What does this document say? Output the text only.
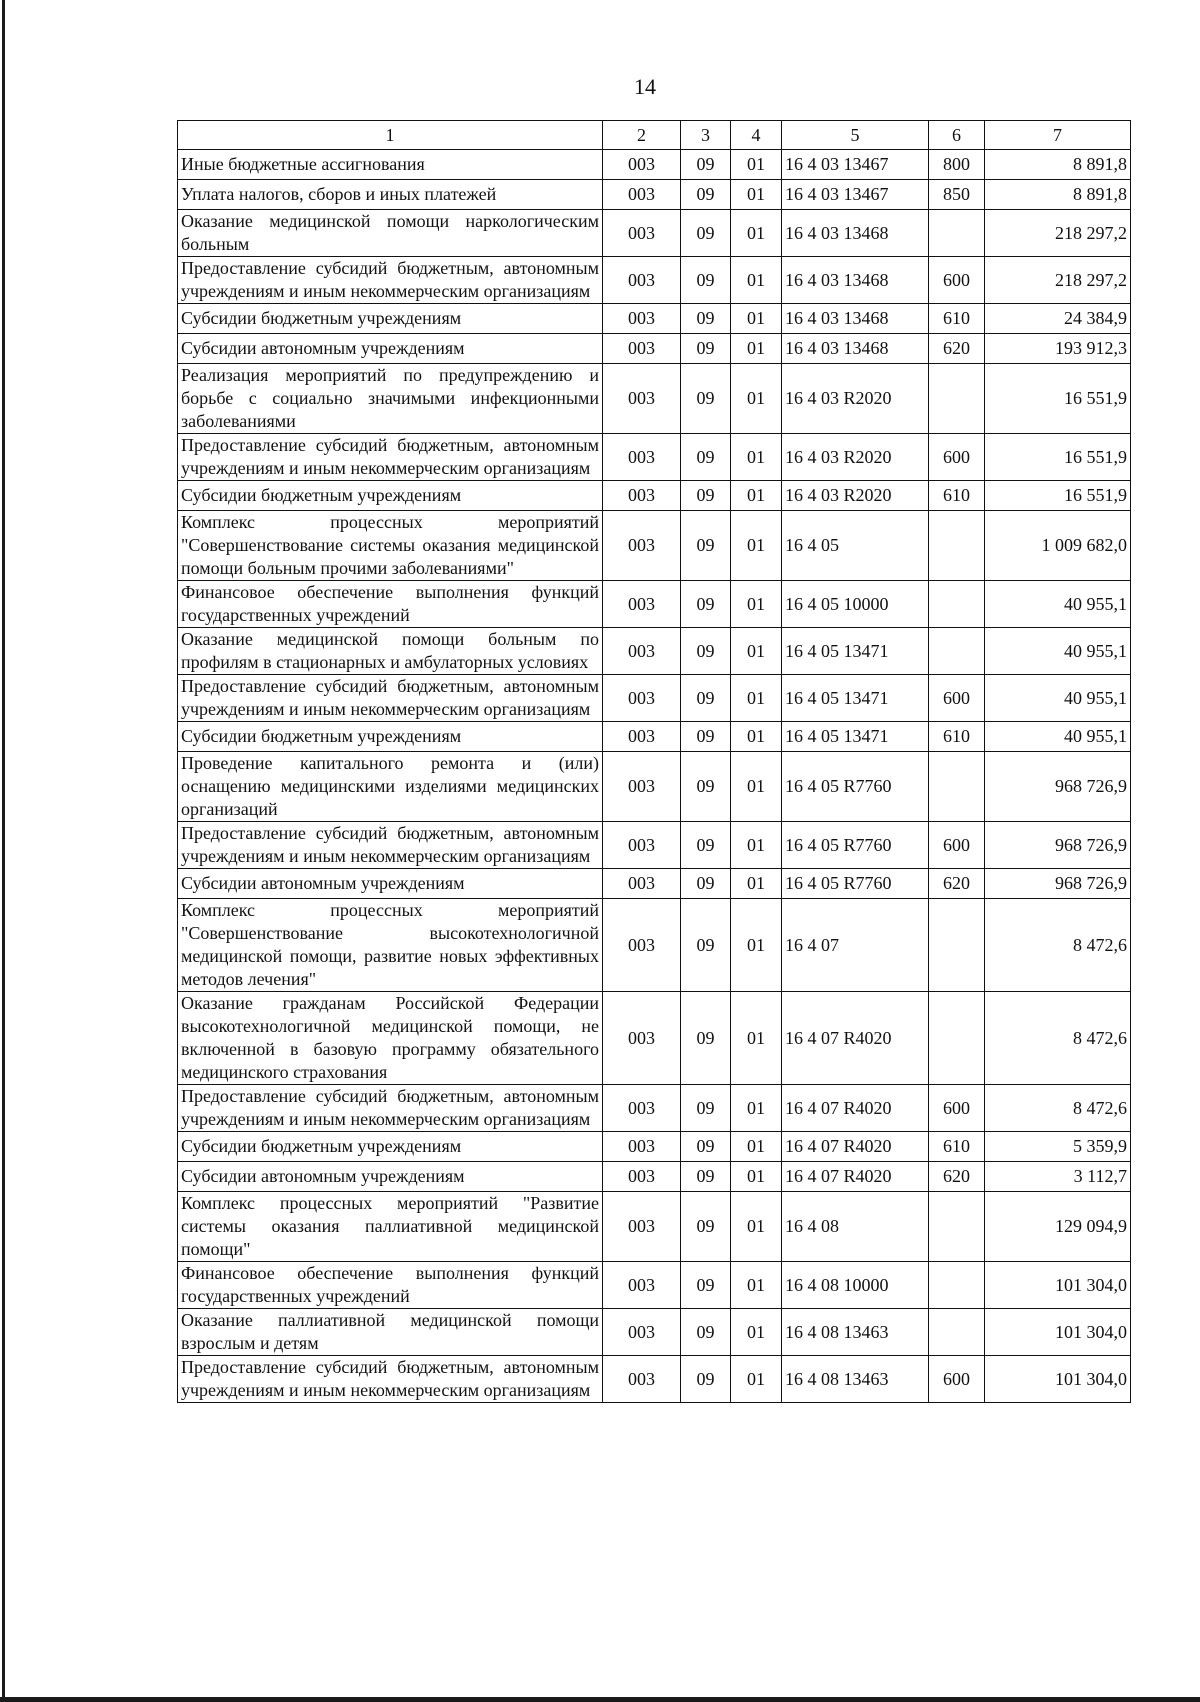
14
1	2	3	4	5	6	7
Иные бюджетные ассигнования	003	09	01	16 4 03 13467	800	8 891,8
Уплата налогов, сборов и иных платежей	003	09	01	16 4 03 13467	850	8 891,8
Оказание медицинской помощи наркологическим больным	003	09	01	16 4 03 13468		218 297,2
Предоставление субсидий бюджетным, автономным учреждениям и иным некоммерческим организациям	003	09	01	16 4 03 13468	600	218 297,2
Субсидии бюджетным учреждениям	003	09	01	16 4 03 13468	610	24 384,9
Субсидии автономным учреждениям	003	09	01	16 4 03 13468	620	193 912,3
Реализация мероприятий по предупреждению и борьбе с социально значимыми инфекционными заболеваниями	003	09	01	16 4 03 R2020		16 551,9
Предоставление субсидий бюджетным, автономным учреждениям и иным некоммерческим организациям	003	09	01	16 4 03 R2020	600	16 551,9
Субсидии бюджетным учреждениям	003	09	01	16 4 03 R2020	610	16 551,9
Комплекс процессных мероприятий "Совершенствование системы оказания медицинской помощи больным прочими заболеваниями"	003	09	01	16 4 05		1 009 682,0
Финансовое обеспечение выполнения функций государственных учреждений	003	09	01	16 4 05 10000		40 955,1
Оказание медицинской помощи больным по профилям в стационарных и амбулаторных условиях	003	09	01	16 4 05 13471		40 955,1
Предоставление субсидий бюджетным, автономным учреждениям и иным некоммерческим организациям	003	09	01	16 4 05 13471	600	40 955,1
Субсидии бюджетным учреждениям	003	09	01	16 4 05 13471	610	40 955,1
Проведение капитального ремонта и (или) оснащению медицинскими изделиями медицинских организаций	003	09	01	16 4 05 R7760		968 726,9
Предоставление субсидий бюджетным, автономным учреждениям и иным некоммерческим организациям	003	09	01	16 4 05 R7760	600	968 726,9
Субсидии автономным учреждениям	003	09	01	16 4 05 R7760	620	968 726,9
Комплекс процессных мероприятий "Совершенствование высокотехнологичной медицинской помощи, развитие новых эффективных методов лечения"	003	09	01	16 4 07		8 472,6
Оказание гражданам Российской Федерации высокотехнологичной медицинской помощи, не включенной в базовую программу обязательного медицинского страхования	003	09	01	16 4 07 R4020		8 472,6
Предоставление субсидий бюджетным, автономным учреждениям и иным некоммерческим организациям	003	09	01	16 4 07 R4020	600	8 472,6
Субсидии бюджетным учреждениям	003	09	01	16 4 07 R4020	610	5 359,9
Субсидии автономным учреждениям	003	09	01	16 4 07 R4020	620	3 112,7
Комплекс процессных мероприятий "Развитие системы оказания паллиативной медицинской помощи"	003	09	01	16 4 08		129 094,9
Финансовое обеспечение выполнения функций государственных учреждений	003	09	01	16 4 08 10000		101 304,0
Оказание паллиативной медицинской помощи взрослым и детям	003	09	01	16 4 08 13463		101 304,0
Предоставление субсидий бюджетным, автономным учреждениям и иным некоммерческим организациям	003	09	01	16 4 08 13463	600	101 304,0
